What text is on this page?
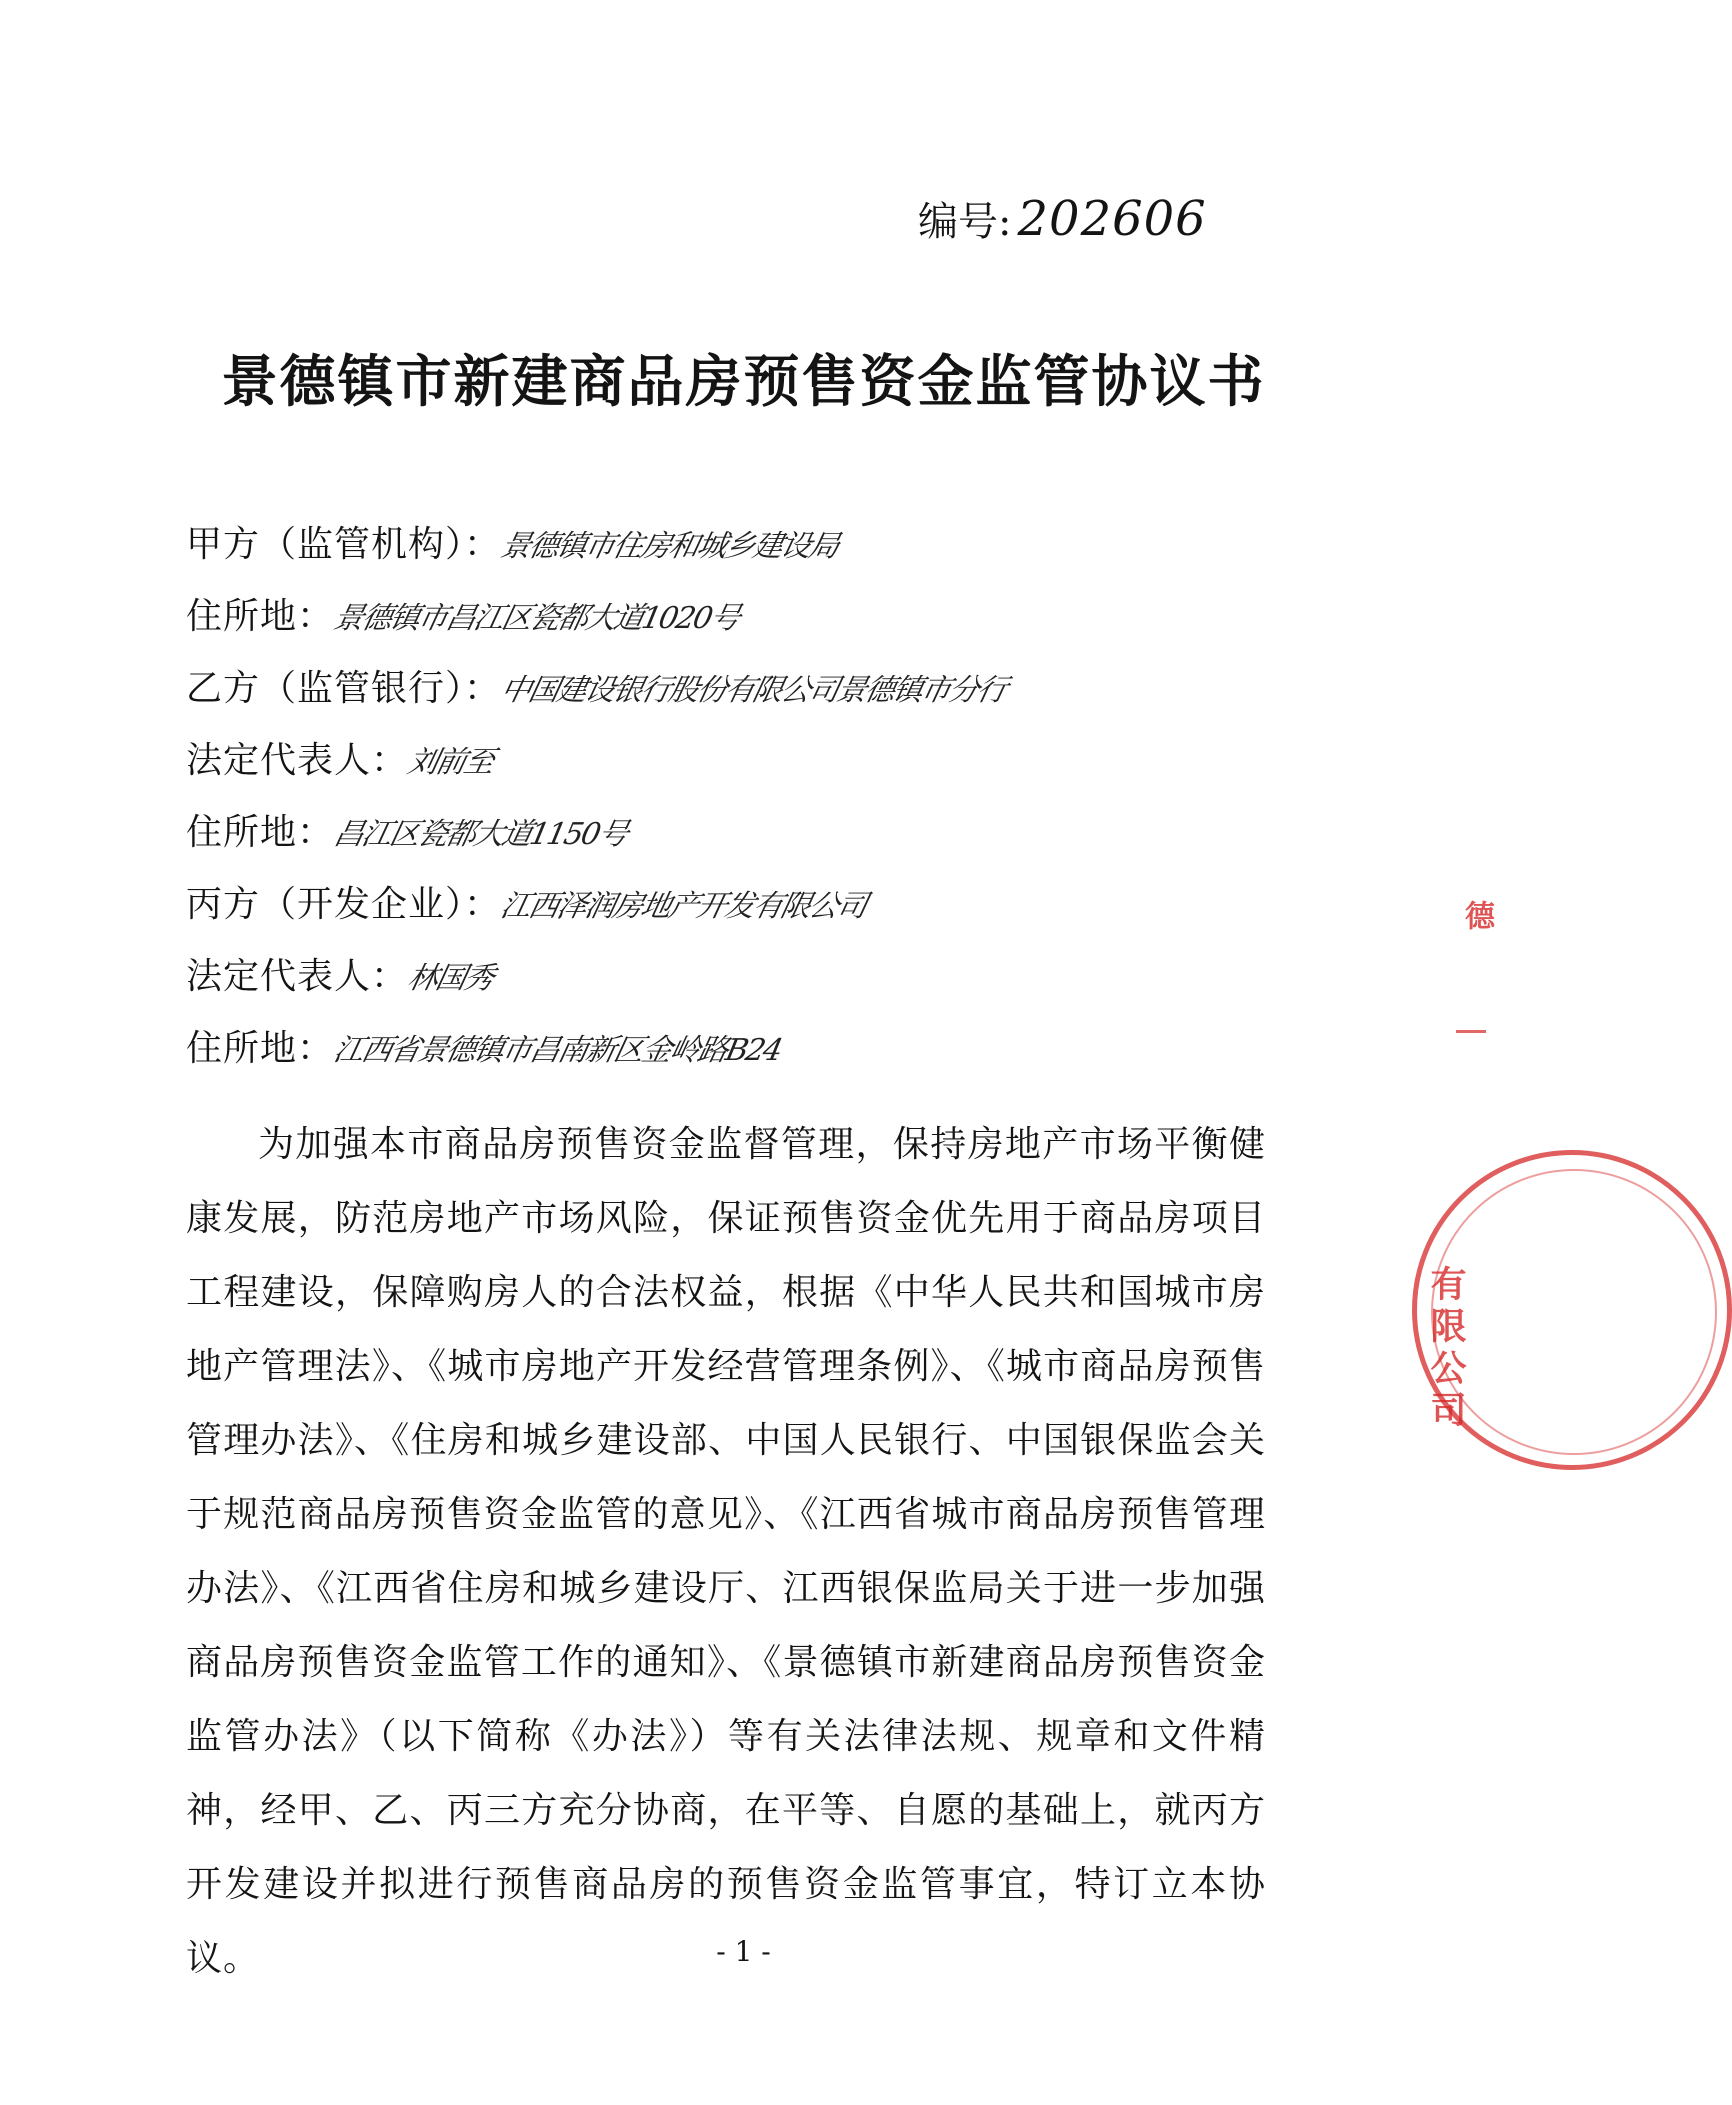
编号: 202606
景德镇市新建商品房预售资金监管协议书
甲方（监管机构）：景德镇市住房和城乡建设局
住所地：景德镇市昌江区瓷都大道1020号
乙方（监管银行）：中国建设银行股份有限公司景德镇市分行
法定代表人：刘前至
住所地：昌江区瓷都大道1150号
丙方（开发企业）：江西泽润房地产开发有限公司
法定代表人：林国秀
住所地：江西省景德镇市昌南新区金岭路B24

为加强本市商品房预售资金监督管理，保持房地产市场平衡健康发展，防范房地产市场风险，保证预售资金优先用于商品房项目工程建设，保障购房人的合法权益，根据《中华人民共和国城市房地产管理法》、《城市房地产开发经营管理条例》、《城市商品房预售管理办法》、《住房和城乡建设部、中国人民银行、中国银保监会关于规范商品房预售资金监管的意见》、《江西省城市商品房预售管理办法》、《江西省住房和城乡建设厅、江西银保监局关于进一步加强商品房预售资金监管工作的通知》、《景德镇市新建商品房预售资金监管办法》（以下简称《办法》）等有关法律法规、规章和文件精神，经甲、乙、丙三方充分协商，在平等、自愿的基础上，就丙方开发建设并拟进行预售商品房的预售资金监管事宜，特订立本协议。	- 1 -
有限公司
德
